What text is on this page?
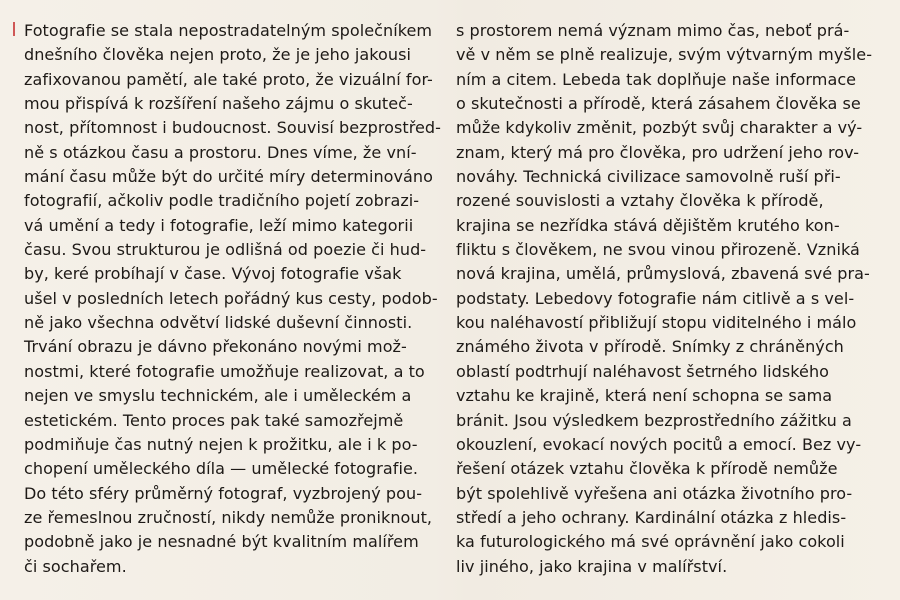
Fotografie se stala nepostradatelným společníkem
dnešního člověka nejen proto, že je jeho jakousi
zafixovanou pamětí, ale také proto, že vizuální for-
mou přispívá k rozšíření našeho zájmu o skuteč-
nost, přítomnost i budoucnost. Souvisí bezprostřed-
ně s otázkou času a prostoru. Dnes víme, že vní-
mání času může být do určité míry determinováno
fotografií, ačkoliv podle tradičního pojetí zobrazi-
vá umění a tedy i fotografie, leží mimo kategorii
času. Svou strukturou je odlišná od poezie či hud-
by, keré probíhají v čase. Vývoj fotografie však
ušel v posledních letech pořádný kus cesty, podob-
ně jako všechna odvětví lidské duševní činnosti.
Trvání obrazu je dávno překonáno novými mož-
nostmi, které fotografie umožňuje realizovat, a to
nejen ve smyslu technickém, ale i uměleckém a
estetickém. Tento proces pak také samozřejmě
podmiňuje čas nutný nejen k prožitku, ale i k po-
chopení uměleckého díla — umělecké fotografie.
Do této sféry průměrný fotograf, vyzbrojený pou-
ze řemeslnou zručností, nikdy nemůže proniknout,
podobně jako je nesnadné být kvalitním malířem
či sochařem.
s prostorem nemá význam mimo čas, neboť prá-
vě v něm se plně realizuje, svým výtvarným myšle-
ním a citem. Lebeda tak doplňuje naše informace
o skutečnosti a přírodě, která zásahem člověka se
může kdykoliv změnit, pozbýt svůj charakter a vý-
znam, který má pro člověka, pro udržení jeho rov-
nováhy. Technická civilizace samovolně ruší při-
rozené souvislosti a vztahy člověka k přírodě,
krajina se nezřídka stává dějištěm krutého kon-
fliktu s člověkem, ne svou vinou přirozeně. Vzniká
nová krajina, umělá, průmyslová, zbavená své pra-
podstaty. Lebedovy fotografie nám citlivě a s vel-
kou naléhavostí přibližují stopu viditelného i málo
známého života v přírodě. Snímky z chráněných
oblastí podtrhují naléhavost šetrného lidského
vztahu ke krajině, která není schopna se sama
bránit. Jsou výsledkem bezprostředního zážitku a
okouzlení, evokací nových pocitů a emocí. Bez vy-
řešení otázek vztahu člověka k přírodě nemůže
být spolehlivě vyřešena ani otázka životního pro-
středí a jeho ochrany. Kardinální otázka z hledis-
ka futurologického má své oprávnění jako cokoli
liv jiného, jako krajina v malířství.
